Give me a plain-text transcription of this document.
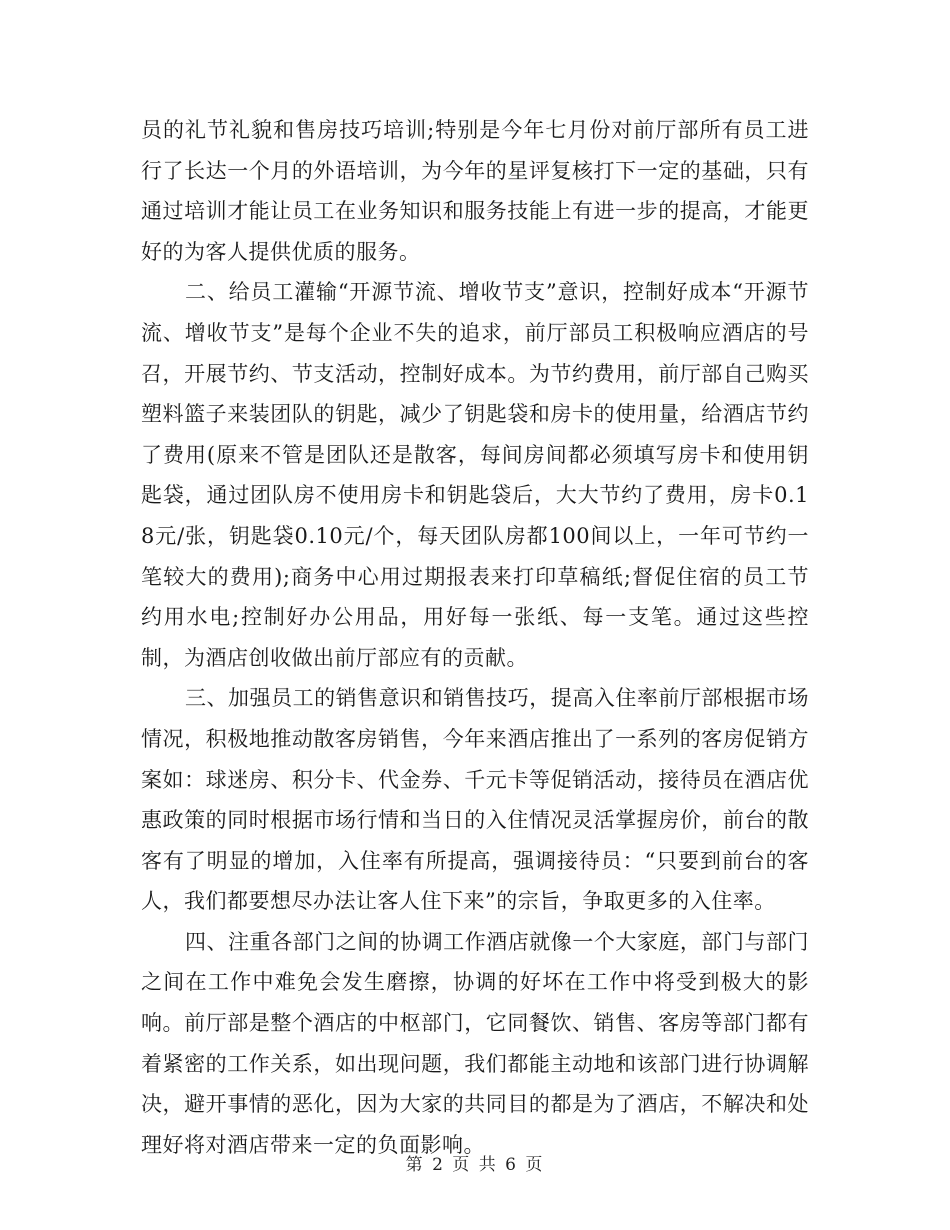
员的礼节礼貌和售房技巧培训;特别是今年七月份对前厅部所有员工进行了长达一个月的外语培训，为今年的星评复核打下一定的基础，只有通过培训才能让员工在业务知识和服务技能上有进一步的提高，才能更好的为客人提供优质的服务。

二、给员工灌输“开源节流、增收节支”意识，控制好成本“开源节流、增收节支”是每个企业不失的追求，前厅部员工积极响应酒店的号召，开展节约、节支活动，控制好成本。为节约费用，前厅部自己购买塑料篮子来装团队的钥匙，减少了钥匙袋和房卡的使用量，给酒店节约了费用(原来不管是团队还是散客，每间房间都必须填写房卡和使用钥匙袋，通过团队房不使用房卡和钥匙袋后，大大节约了费用，房卡0.18元/张，钥匙袋0.10元/个，每天团队房都100间以上，一年可节约一笔较大的费用);商务中心用过期报表来打印草稿纸;督促住宿的员工节约用水电;控制好办公用品，用好每一张纸、每一支笔。通过这些控制，为酒店创收做出前厅部应有的贡献。

三、加强员工的销售意识和销售技巧，提高入住率前厅部根据市场情况，积极地推动散客房销售，今年来酒店推出了一系列的客房促销方案如：球迷房、积分卡、代金券、千元卡等促销活动，接待员在酒店优惠政策的同时根据市场行情和当日的入住情况灵活掌握房价，前台的散客有了明显的增加，入住率有所提高，强调接待员：“只要到前台的客人，我们都要想尽办法让客人住下来”的宗旨，争取更多的入住率。

四、注重各部门之间的协调工作酒店就像一个大家庭，部门与部门之间在工作中难免会发生磨擦，协调的好坏在工作中将受到极大的影响。前厅部是整个酒店的中枢部门，它同餐饮、销售、客房等部门都有着紧密的工作关系，如出现问题，我们都能主动地和该部门进行协调解决，避开事情的恶化，因为大家的共同目的都是为了酒店，不解决和处理好将对酒店带来一定的负面影响。

第 2 页 共 6 页
